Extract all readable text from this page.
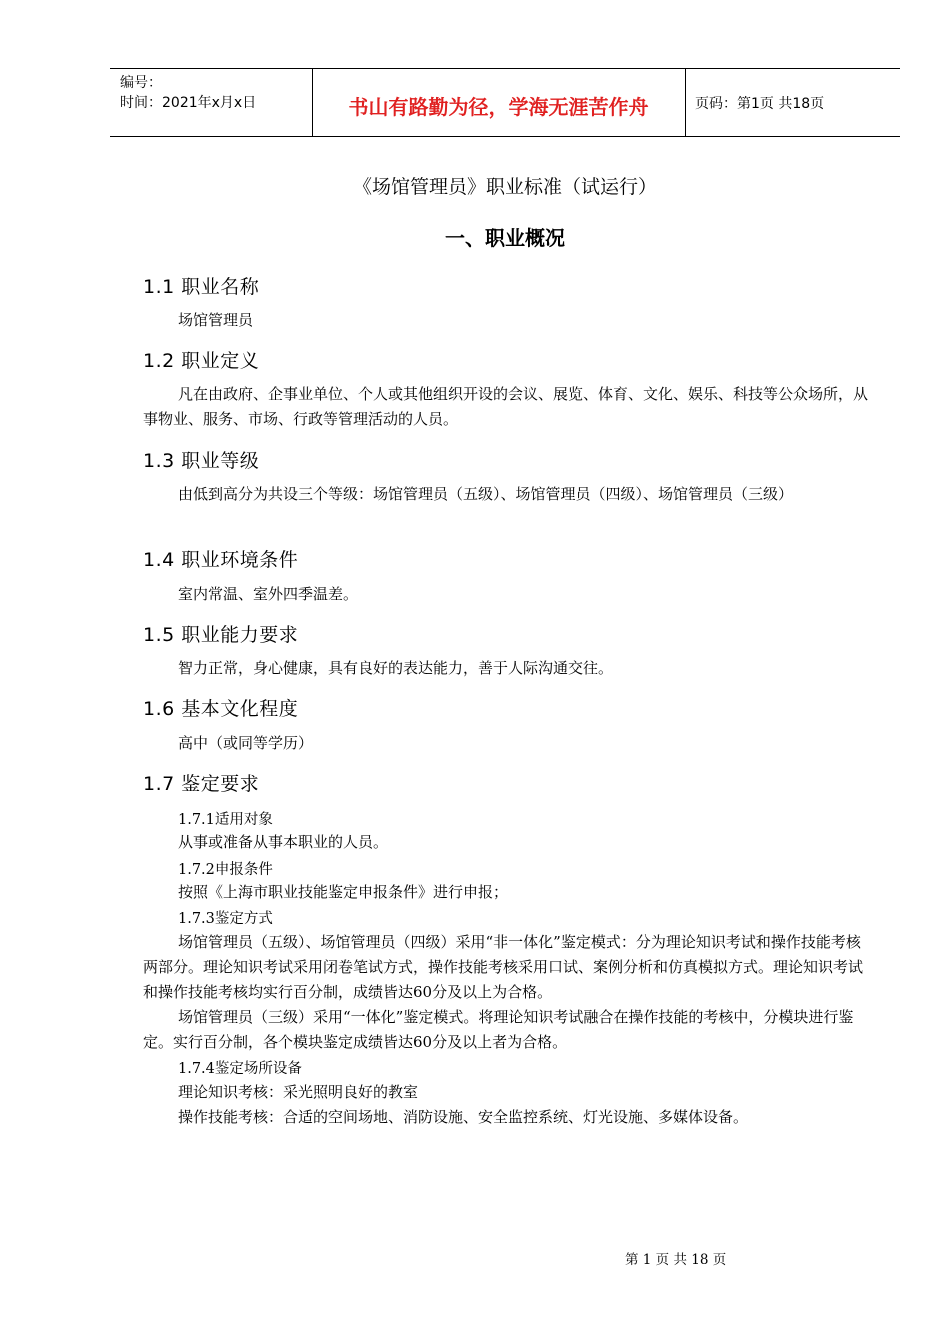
编号：
时间：2021年x月x日	书山有路勤为径，学海无涯苦作舟	页码：第1页 共18页
《场馆管理员》职业标准（试运行）
一、职业概况
1.1 职业名称

场馆管理员

1.2 职业定义

凡在由政府、企事业单位、个人或其他组织开设的会议、展览、体育、文化、娱乐、科技等公众场所，从事物业、服务、市场、行政等管理活动的人员。

1.3 职业等级

由低到高分为共设三个等级：场馆管理员（五级）、场馆管理员（四级）、场馆管理员（三级）

1.4 职业环境条件

室内常温、室外四季温差。

1.5 职业能力要求

智力正常，身心健康，具有良好的表达能力，善于人际沟通交往。

1.6 基本文化程度

高中（或同等学历）

1.7 鉴定要求
1.7.1适用对象

从事或准备从事本职业的人员。

1.7.2申报条件

按照《上海市职业技能鉴定申报条件》进行申报；

1.7.3鉴定方式

场馆管理员（五级）、场馆管理员（四级）采用“非一体化”鉴定模式：分为理论知识考试和操作技能考核两部分。理论知识考试采用闭卷笔试方式，操作技能考核采用口试、案例分析和仿真模拟方式。理论知识考试和操作技能考核均实行百分制，成绩皆达60分及以上为合格。

场馆管理员（三级）采用“一体化”鉴定模式。将理论知识考试融合在操作技能的考核中，分模块进行鉴定。实行百分制，各个模块鉴定成绩皆达60分及以上者为合格。

1.7.4鉴定场所设备

理论知识考核：采光照明良好的教室

操作技能考核：合适的空间场地、消防设施、安全监控系统、灯光设施、多媒体设备。

第 1 页 共 18 页
